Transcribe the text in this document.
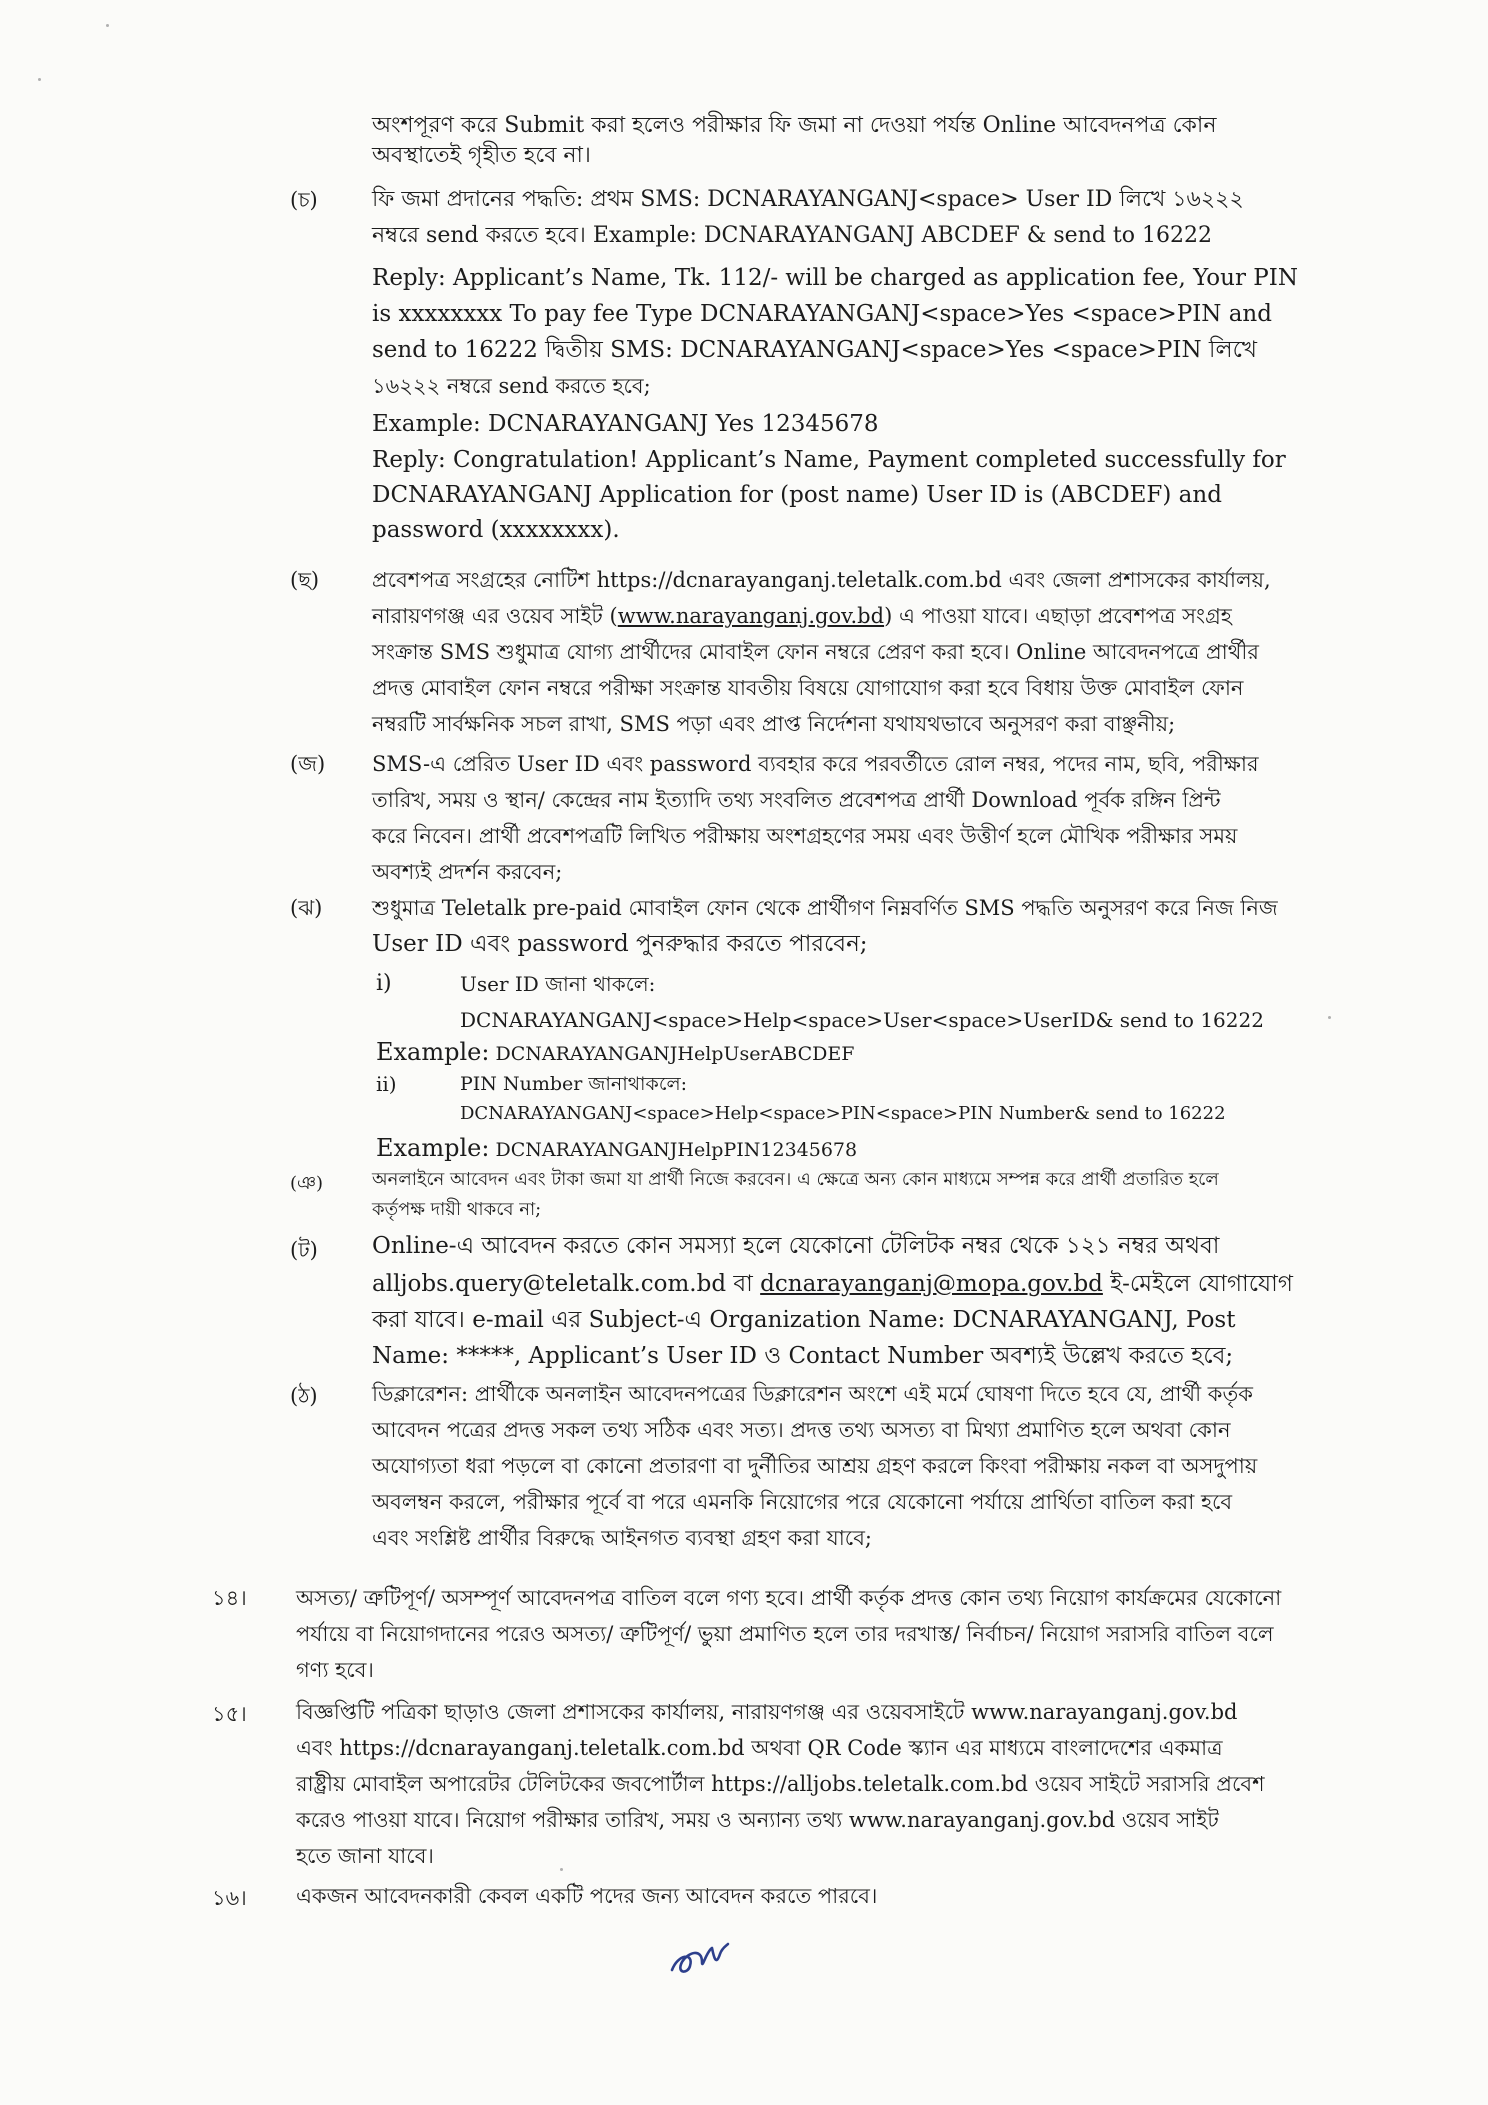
অংশপূরণ করে Submit করা হলেও পরীক্ষার ফি জমা না দেওয়া পর্যন্ত Online আবেদনপত্র কোন
অবস্থাতেই গৃহীত হবে না।
(চ) ফি জমা প্রদানের পদ্ধতি: প্রথম SMS: DCNARAYANGANJ<space> User ID লিখে ১৬২২২
নম্বরে send করতে হবে। Example: DCNARAYANGANJ ABCDEF & send to 16222
Reply: Applicant’s Name, Tk. 112/- will be charged as application fee, Your PIN
is xxxxxxxx To pay fee Type DCNARAYANGANJ<space>Yes <space>PIN and
send to 16222 দ্বিতীয় SMS: DCNARAYANGANJ<space>Yes <space>PIN লিখে
১৬২২২ নম্বরে send করতে হবে;
Example: DCNARAYANGANJ Yes 12345678
Reply: Congratulation! Applicant’s Name, Payment completed successfully for
DCNARAYANGANJ Application for (post name) User ID is (ABCDEF) and
password (xxxxxxxx).
(ছ)	প্রবেশপত্র সংগ্রহের নোটিশ https://dcnarayanganj.teletalk.com.bd এবং জেলা প্রশাসকের কার্যালয়,
নারায়ণগঞ্জ এর ওয়েব সাইট (www.narayanganj.gov.bd) এ পাওয়া যাবে। এছাড়া প্রবেশপত্র সংগ্রহ
সংক্রান্ত SMS শুধুমাত্র যোগ্য প্রার্থীদের মোবাইল ফোন নম্বরে প্রেরণ করা হবে। Online আবেদনপত্রে প্রার্থীর
প্রদত্ত মোবাইল ফোন নম্বরে পরীক্ষা সংক্রান্ত যাবতীয় বিষয়ে যোগাযোগ করা হবে বিধায় উক্ত মোবাইল ফোন
নম্বরটি সার্বক্ষনিক সচল রাখা, SMS পড়া এবং প্রাপ্ত নির্দেশনা যথাযথভাবে অনুসরণ করা বাঞ্ছনীয়;
(জ) SMS-এ প্রেরিত User ID এবং password ব্যবহার করে পরবর্তীতে রোল নম্বর, পদের নাম, ছবি, পরীক্ষার
তারিখ, সময় ও স্থান/ কেন্দ্রের নাম ইত্যাদি তথ্য সংবলিত প্রবেশপত্র প্রার্থী Download পূর্বক রঙ্গিন প্রিন্ট
করে নিবেন। প্রার্থী প্রবেশপত্রটি লিখিত পরীক্ষায় অংশগ্রহণের সময় এবং উত্তীর্ণ হলে মৌখিক পরীক্ষার সময়
অবশ্যই প্রদর্শন করবেন;
(ঝ) শুধুমাত্র Teletalk pre-paid মোবাইল ফোন থেকে প্রার্থীগণ নিম্নবর্ণিত SMS পদ্ধতি অনুসরণ করে নিজ নিজ
User ID এবং password পুনরুদ্ধার করতে পারবেন;
i)	User ID জানা থাকলে:
DCNARAYANGANJ<space>Help<space>User<space>UserID& send to 16222
Example: DCNARAYANGANJHelpUserABCDEF
ii)	PIN Number জানাথাকলে:
DCNARAYANGANJ<space>Help<space>PIN<space>PIN Number& send to 16222
Example: DCNARAYANGANJHelpPIN12345678
(ঞ)	অনলাইনে আবেদন এবং টাকা জমা যা প্রার্থী নিজে করবেন। এ ক্ষেত্রে অন্য কোন মাধ্যমে সম্পন্ন করে প্রার্থী প্রতারিত হলে
কর্তৃপক্ষ দায়ী থাকবে না;
(ট) Online-এ আবেদন করতে কোন সমস্যা হলে যেকোনো টেলিটক নম্বর থেকে ১২১ নম্বর অথবা
alljobs.query@teletalk.com.bd বা dcnarayanganj@mopa.gov.bd ই-মেইলে যোগাযোগ
করা যাবে। e-mail এর Subject-এ Organization Name: DCNARAYANGANJ, Post
Name: *****, Applicant’s User ID ও Contact Number অবশ্যই উল্লেখ করতে হবে;
(ঠ)	ডিক্লারেশন: প্রার্থীকে অনলাইন আবেদনপত্রের ডিক্লারেশন অংশে এই মর্মে ঘোষণা দিতে হবে যে, প্রার্থী কর্তৃক
আবেদন পত্রের প্রদত্ত সকল তথ্য সঠিক এবং সত্য। প্রদত্ত তথ্য অসত্য বা মিথ্যা প্রমাণিত হলে অথবা কোন
অযোগ্যতা ধরা পড়লে বা কোনো প্রতারণা বা দুর্নীতির আশ্রয় গ্রহণ করলে কিংবা পরীক্ষায় নকল বা অসদুপায়
অবলম্বন করলে, পরীক্ষার পূর্বে বা পরে এমনকি নিয়োগের পরে যেকোনো পর্যায়ে প্রার্থিতা বাতিল করা হবে
এবং সংশ্লিষ্ট প্রার্থীর বিরুদ্ধে আইনগত ব্যবস্থা গ্রহণ করা যাবে;
১৪। অসত্য/ ত্রুটিপূর্ণ/ অসম্পূর্ণ আবেদনপত্র বাতিল বলে গণ্য হবে। প্রার্থী কর্তৃক প্রদত্ত কোন তথ্য নিয়োগ কার্যক্রমের যেকোনো
পর্যায়ে বা নিয়োগদানের পরেও অসত্য/ ত্রুটিপূর্ণ/ ভুয়া প্রমাণিত হলে তার দরখাস্ত/ নির্বাচন/ নিয়োগ সরাসরি বাতিল বলে
গণ্য হবে।
১৫। বিজ্ঞপ্তিটি পত্রিকা ছাড়াও জেলা প্রশাসকের কার্যালয়, নারায়ণগঞ্জ এর ওয়েবসাইটে www.narayanganj.gov.bd
এবং https://dcnarayanganj.teletalk.com.bd অথবা QR Code স্ক্যান এর মাধ্যমে বাংলাদেশের একমাত্র
রাষ্ট্রীয় মোবাইল অপারেটর টেলিটকের জবপোর্টাল https://alljobs.teletalk.com.bd ওয়েব সাইটে সরাসরি প্রবেশ
করেও পাওয়া যাবে। নিয়োগ পরীক্ষার তারিখ, সময় ও অন্যান্য তথ্য www.narayanganj.gov.bd ওয়েব সাইট
হতে জানা যাবে।
১৬। একজন আবেদনকারী কেবল একটি পদের জন্য আবেদন করতে পারবে।
